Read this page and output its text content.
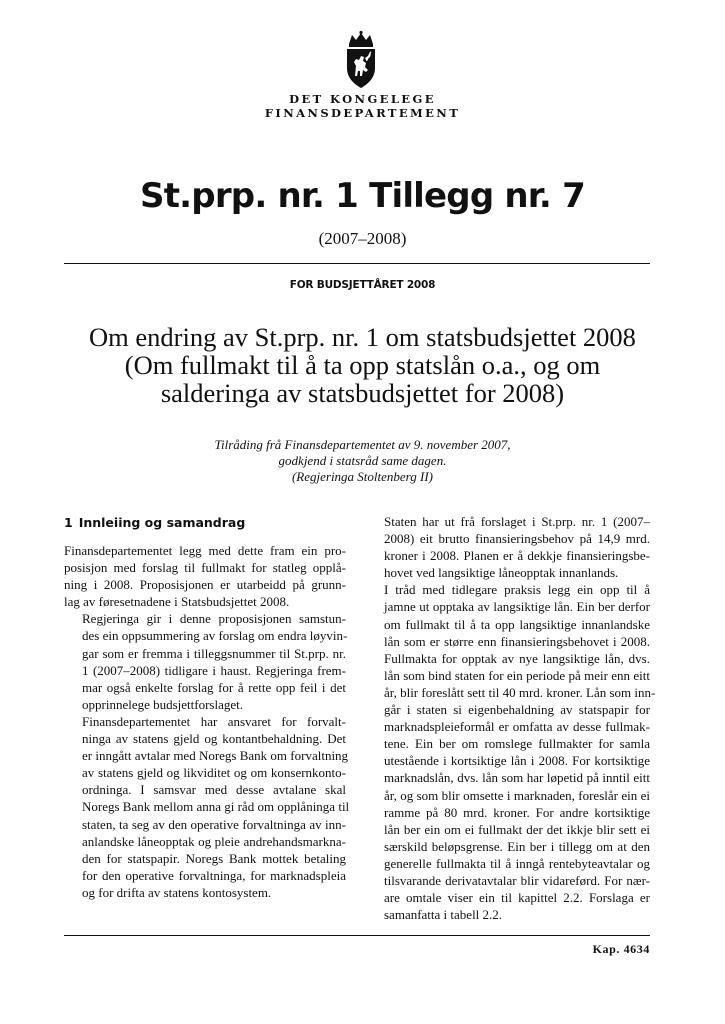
DET KONGELEGE
FINANSDEPARTEMENT
St.prp. nr. 1 Tillegg nr. 7
(2007–2008)
FOR BUDSJETTÅRET 2008
Om endring av St.prp. nr. 1 om statsbudsjettet 2008
(Om fullmakt til å ta opp statslån o.a., og om
salderinga av statsbudsjettet for 2008)
Tilråding frå Finansdepartementet av 9. november 2007,
godkjend i statsråd same dagen.
(Regjeringa Stoltenberg II)
1 Innleiing og samandrag

Finansdepartementet legg med dette fram ein pro-
posisjon med forslag til fullmakt for statleg opplå-
ning i 2008. Proposisjonen er utarbeidd på grunn-
lag av føresetnadene i Statsbudsjettet 2008.

Regjeringa gir i denne proposisjonen samstun-
des ein oppsummering av forslag om endra løyvin-
gar som er fremma i tilleggsnummer til St.prp. nr.
1 (2007–2008) tidligare i haust. Regjeringa frem-
mar også enkelte forslag for å rette opp feil i det
opprinnelege budsjettforslaget.

Finansdepartementet har ansvaret for forvalt-
ninga av statens gjeld og kontantbehaldning. Det
er inngått avtalar med Noregs Bank om forvaltning
av statens gjeld og likviditet og om konsernkonto-
ordninga. I samsvar med desse avtalane skal
Noregs Bank mellom anna gi råd om opplåninga til
staten, ta seg av den operative forvaltninga av inn-
anlandske låneopptak og pleie andrehandsmarkna-
den for statspapir. Noregs Bank mottek betaling
for den operative forvaltninga, for marknadspleia
og for drifta av statens kontosystem.

Staten har ut frå forslaget i St.prp. nr. 1 (2007–
2008) eit brutto finansieringsbehov på 14,9 mrd.
kroner i 2008. Planen er å dekkje finansieringsbe-
hovet ved langsiktige låneopptak innanlands.

I tråd med tidlegare praksis legg ein opp til å
jamne ut opptaka av langsiktige lån. Ein ber derfor
om fullmakt til å ta opp langsiktige innanlandske
lån som er større enn finansieringsbehovet i 2008.
Fullmakta for opptak av nye langsiktige lån, dvs.
lån som bind staten for ein periode på meir enn eitt
år, blir foreslått sett til 40 mrd. kroner. Lån som inn-
går i staten si eigenbehaldning av statspapir for
marknadspleieformål er omfatta av desse fullmak-
tene. Ein ber om romslege fullmakter for samla
utestående i kortsiktige lån i 2008. For kortsiktige
marknadslån, dvs. lån som har løpetid på inntil eitt
år, og som blir omsette i marknaden, foreslår ein ei
ramme på 80 mrd. kroner. For andre kortsiktige
lån ber ein om ei fullmakt der det ikkje blir sett ei
særskild beløpsgrense. Ein ber i tillegg om at den
generelle fullmakta til å inngå rentebyteavtalar og
tilsvarande derivatavtalar blir vidareførd. For nær-
are omtale viser ein til kapittel 2.2. Forslaga er
samanfatta i tabell 2.2.

Kap. 4634
